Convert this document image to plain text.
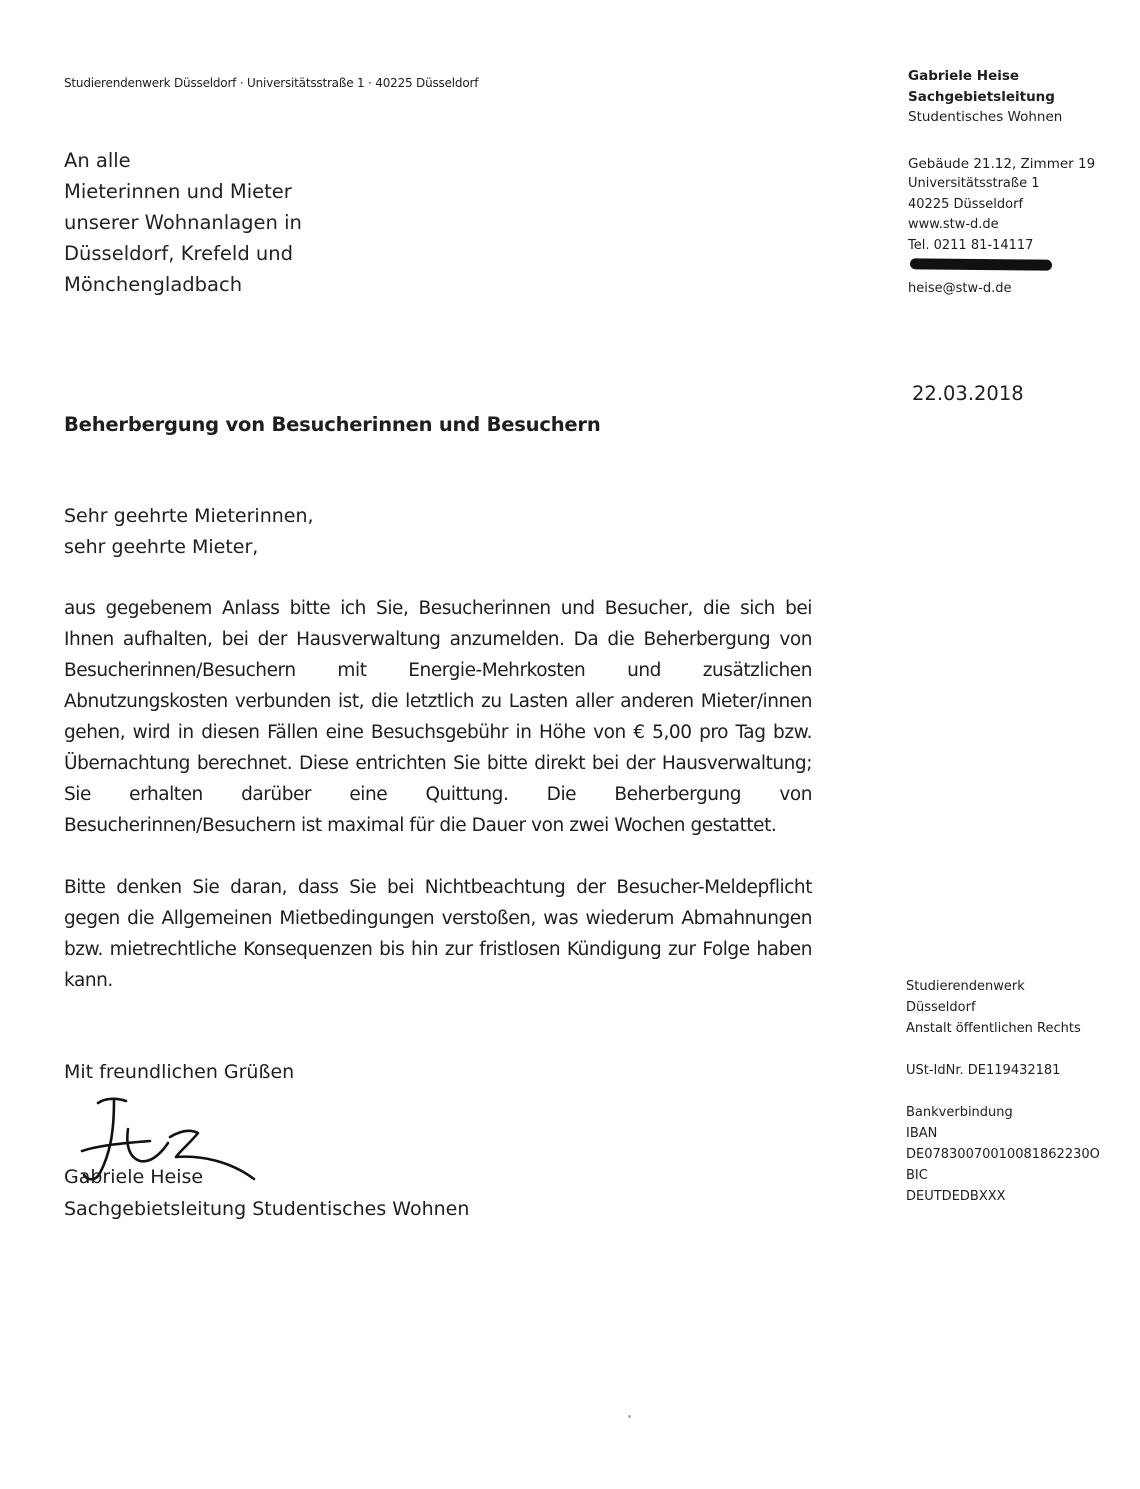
Studierendenwerk Düsseldorf · Universitätsstraße 1 · 40225 Düsseldorf
An alle
Mieterinnen und Mieter
unserer Wohnanlagen in
Düsseldorf, Krefeld und
Mönchengladbach
Gabriele Heise
Sachgebietsleitung
Studentisches Wohnen
Gebäude 21.12, Zimmer 19
Universitätsstraße 1
40225 Düsseldorf
www.stw-d.de
Tel. 0211 81-14117
heise@stw-d.de
22.03.2018
Beherbergung von Besucherinnen und Besuchern
Sehr geehrte Mieterinnen,
sehr geehrte Mieter,
aus gegebenem Anlass bitte ich Sie, Besucherinnen und Besucher, die sich bei Ihnen aufhalten, bei der Hausverwaltung anzumelden. Da die Beherbergung von Besucherinnen/Besuchern mit Energie-Mehrkosten und zusätzlichen Abnutzungskosten verbunden ist, die letztlich zu Lasten aller anderen Mieter/innen gehen, wird in diesen Fällen eine Besuchsgebühr in Höhe von € 5,00 pro Tag bzw. Übernachtung berechnet. Diese entrichten Sie bitte direkt bei der Hausverwaltung; Sie erhalten darüber eine Quittung. Die Beherbergung von Besucherinnen/Besuchern ist maximal für die Dauer von zwei Wochen gestattet.
Bitte denken Sie daran, dass Sie bei Nichtbeachtung der Besucher-Meldepflicht gegen die Allgemeinen Mietbedingungen verstoßen, was wiederum Abmahnungen bzw. mietrechtliche Konsequenzen bis hin zur fristlosen Kündigung zur Folge haben kann.
Mit freundlichen Grüßen
Gabriele Heise
Sachgebietsleitung Studentisches Wohnen
Studierendenwerk
Düsseldorf
Anstalt öffentlichen Rechts
USt-IdNr. DE119432181
Bankverbindung
IBAN
DE07830070010081862230O
BIC
DEUTDEDBXXX
